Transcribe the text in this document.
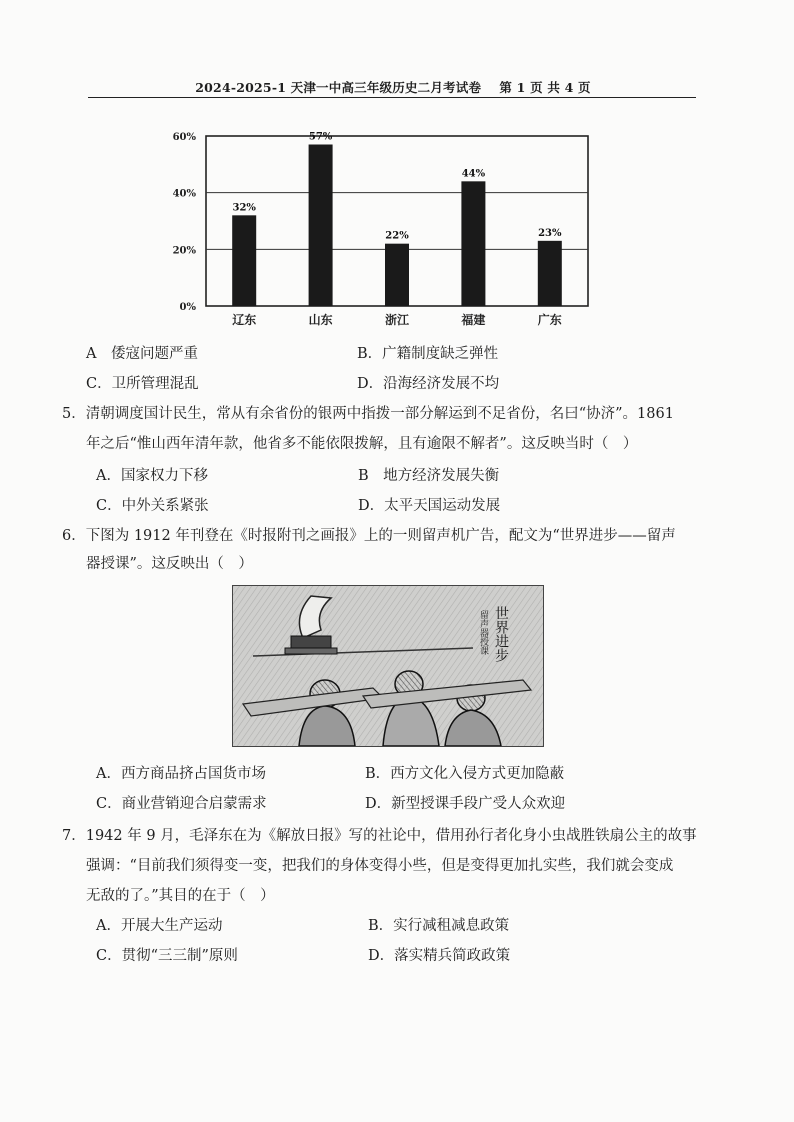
2024-2025-1 天津一中高三年级历史二月考试卷 第 1 页 共 4 页
0%
20%
40%
60%
32%
辽东
57%
山东
22%
浙江
44%
福建
23%
广东
A　倭寇问题严重	B．广籍制度缺乏弹性
C．卫所管理混乱	D．沿海经济发展不均
5．清朝调度国计民生，常从有余省份的银两中指拨一部分解运到不足省份，名曰“协济”。1861
年之后“惟山西年清年款，他省多不能依限拨解，且有逾限不解者”。这反映当时（　）
A．国家权力下移	B　地方经济发展失衡
C．中外关系紧张	D．太平天国运动发展
6．下图为 1912 年刊登在《时报附刊之画报》上的一则留声机广告，配文为“世界进步——留声
器授课”。这反映出（　）
世界进步
留声器授课
A．西方商品挤占国货市场	B．西方文化入侵方式更加隐蔽
C．商业营销迎合启蒙需求	D．新型授课手段广受人众欢迎
7．1942 年 9 月，毛泽东在为《解放日报》写的社论中，借用孙行者化身小虫战胜铁扇公主的故事
强调：“目前我们须得变一变，把我们的身体变得小些，但是变得更加扎实些，我们就会变成
无敌的了。”其目的在于（　）
A．开展大生产运动	B．实行减租减息政策
C．贯彻“三三制”原则	D．落实精兵简政政策
